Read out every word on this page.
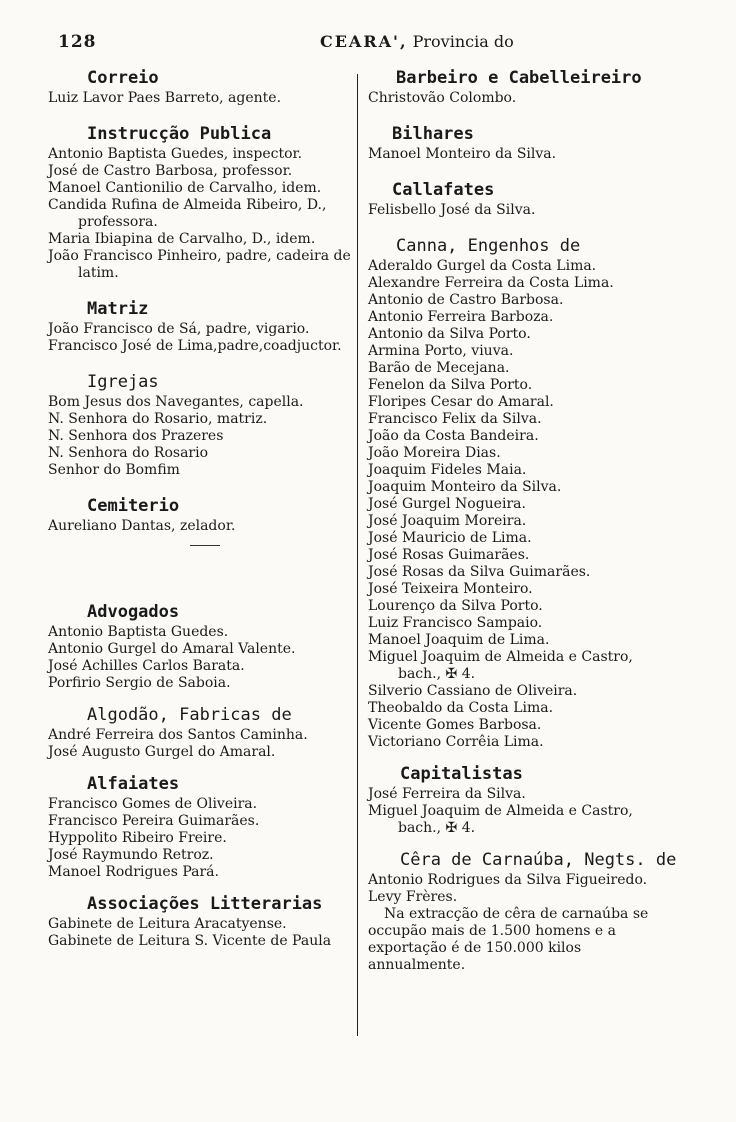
128	CEARA', Provincia do
Correio
Luiz Lavor Paes Barreto, agente.
Instrucção Publica
Antonio Baptista Guedes, inspector.
José de Castro Barbosa, professor.
Manoel Cantionilio de Carvalho, idem.
Candida Rufina de Almeida Ribeiro, D., professora.
Maria Ibiapina de Carvalho, D., idem.
João Francisco Pinheiro, padre, cadeira de latim.
Matriz
João Francisco de Sá, padre, vigario.
Francisco José de Lima,padre,coadjuctor.
Igrejas
Bom Jesus dos Navegantes, capella.
N. Senhora do Rosario, matriz.
N. Senhora dos Prazeres
N. Senhora do Rosario
Senhor do Bomfim
Cemiterio
Aureliano Dantas, zelador.
Advogados
Antonio Baptista Guedes.
Antonio Gurgel do Amaral Valente.
José Achilles Carlos Barata.
Porfirio Sergio de Saboia.
Algodão, Fabricas de
André Ferreira dos Santos Caminha.
José Augusto Gurgel do Amaral.
Alfaiates
Francisco Gomes de Oliveira.
Francisco Pereira Guimarães.
Hyppolito Ribeiro Freire.
José Raymundo Retroz.
Manoel Rodrigues Pará.
Associações Litterarias
Gabinete de Leitura Aracatyense.
Gabinete de Leitura S. Vicente de Paula
Barbeiro e Cabelleireiro
Christovão Colombo.
Bilhares
Manoel Monteiro da Silva.
Callafates
Felisbello José da Silva.
Canna, Engenhos de
Aderaldo Gurgel da Costa Lima.
Alexandre Ferreira da Costa Lima.
Antonio de Castro Barbosa.
Antonio Ferreira Barboza.
Antonio da Silva Porto.
Armina Porto, viuva.
Barão de Mecejana.
Fenelon da Silva Porto.
Floripes Cesar do Amaral.
Francisco Felix da Silva.
João da Costa Bandeira.
João Moreira Dias.
Joaquim Fideles Maia.
Joaquim Monteiro da Silva.
José Gurgel Nogueira.
José Joaquim Moreira.
José Mauricio de Lima.
José Rosas Guimarães.
José Rosas da Silva Guimarães.
José Teixeira Monteiro.
Lourenço da Silva Porto.
Luiz Francisco Sampaio.
Manoel Joaquim de Lima.
Miguel Joaquim de Almeida e Castro, bach., ✠ 4.
Silverio Cassiano de Oliveira.
Theobaldo da Costa Lima.
Vicente Gomes Barbosa.
Victoriano Corrêia Lima.
Capitalistas
José Ferreira da Silva.
Miguel Joaquim de Almeida e Castro, bach., ✠ 4.
Cêra de Carnaúba, Negts. de
Antonio Rodrigues da Silva Figueiredo.
Levy Frères.
Na extracção de cêra de carnaúba se occupão mais de 1.500 homens e a exportação é de 150.000 kilos annualmente.
